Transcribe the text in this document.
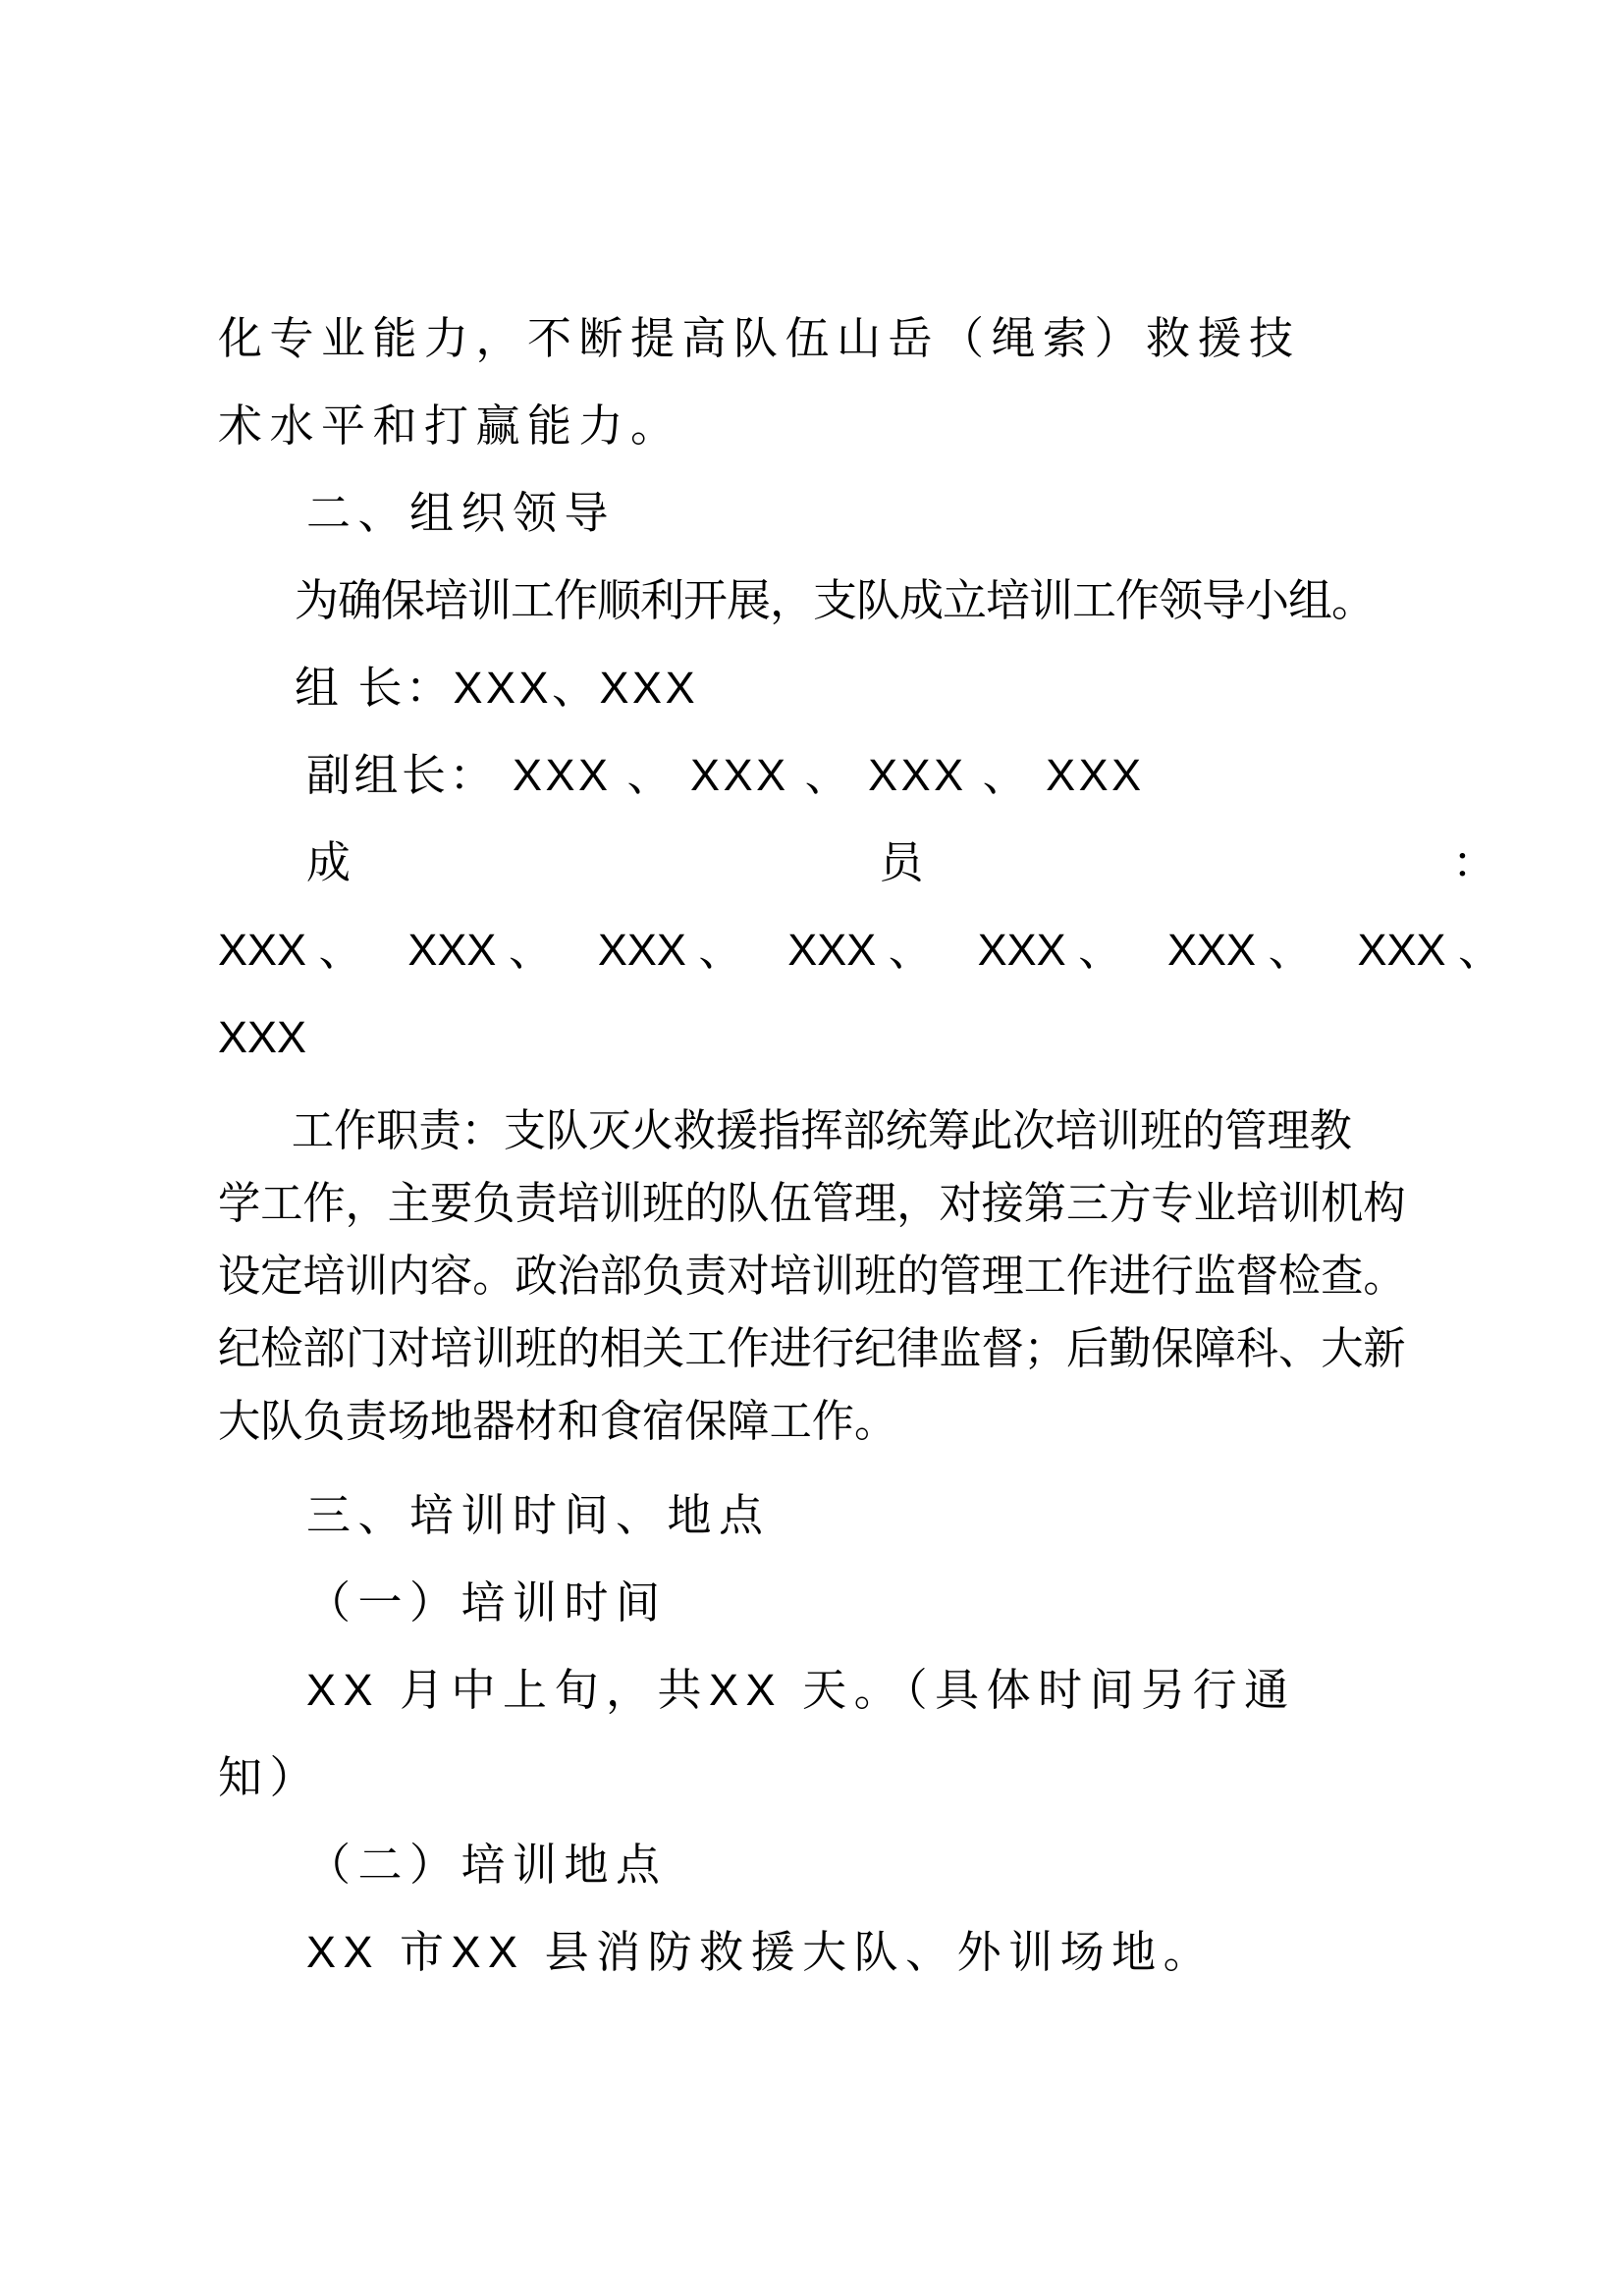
化专业能力，不断提高队伍山岳（绳索）救援技
术水平和打赢能力。
二、组织领导
为确保培训工作顺利开展，支队成立培训工作领导小组。
组 长：XXX、XXX
副组长： XXX 、 XXX 、 XXX 、 XXX
成	员	：
XXX 、 XXX 、 XXX 、 XXX 、 XXX 、 XXX 、 XXX 、
XXX
工作职责：支队灭火救援指挥部统筹此次培训班的管理教
学工作，主要负责培训班的队伍管理，对接第三方专业培训机构
设定培训内容。政治部负责对培训班的管理工作进行监督检查。
纪检部门对培训班的相关工作进行纪律监督；后勤保障科、大新
大队负责场地器材和食宿保障工作。
三、培训时间、地点
（一）培训时间
XX 月中上旬，共XX 天。（具体时间另行通
知）
（二）培训地点
XX 市XX 县消防救援大队、外训场地。
